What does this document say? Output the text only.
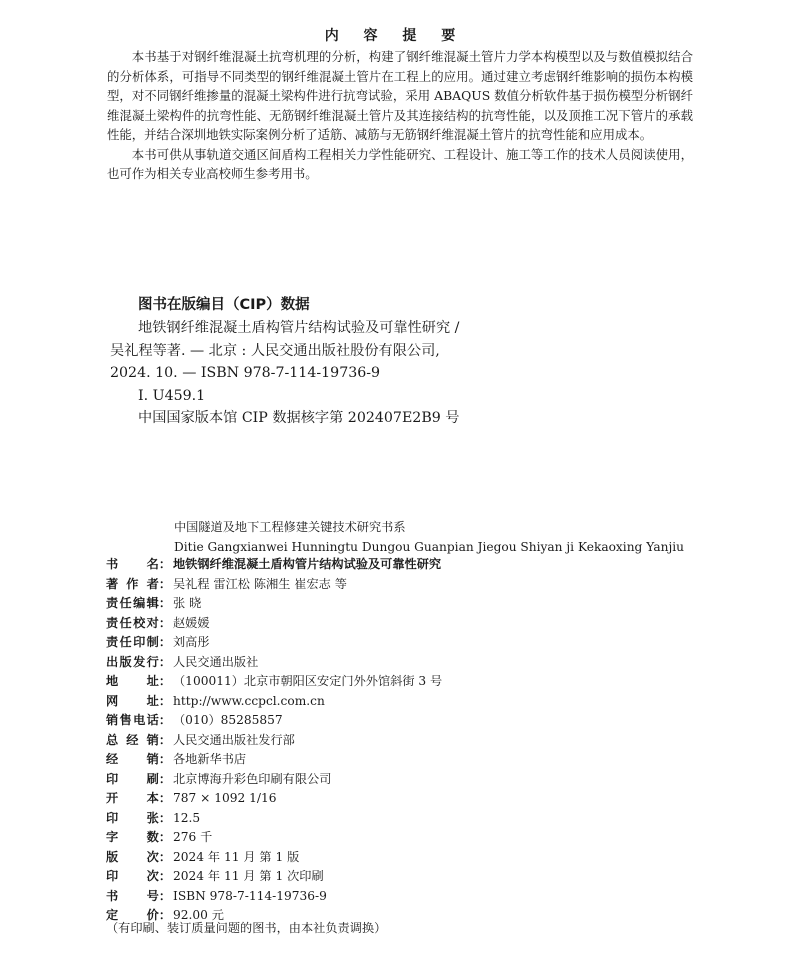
内 容 提 要

本书基于对钢纤维混凝土抗弯机理的分析，构建了钢纤维混凝土管片力学本构模型以及与数值模拟结合的分析体系，可指导不同类型的钢纤维混凝土管片在工程上的应用。通过建立考虑钢纤维影响的损伤本构模型，对不同钢纤维掺量的混凝土梁构件进行抗弯试验，采用 ABAQUS 数值分析软件基于损伤模型分析钢纤维混凝土梁构件的抗弯性能、无筋钢纤维混凝土管片及其连接结构的抗弯性能，以及顶推工况下管片的承载性能，并结合深圳地铁实际案例分析了适筋、减筋与无筋钢纤维混凝土管片的抗弯性能和应用成本。

本书可供从事轨道交通区间盾构工程相关力学性能研究、工程设计、施工等工作的技术人员阅读使用，也可作为相关专业高校师生参考用书。

图书在版编目（CIP）数据
地铁钢纤维混凝土盾构管片结构试验及可靠性研究 /
吴礼程等著. — 北京 : 人民交通出版社股份有限公司,
2024. 10. — ISBN 978-7-114-19736-9
Ⅰ. U459.1
中国国家版本馆 CIP 数据核字第 202407E2B9 号
中国隧道及地下工程修建关键技术研究书系
Ditie Gangxianwei Hunningtu Dungou Guanpian Jiegou Shiyan ji Kekaoxing Yanjiu
书名 ： 地铁钢纤维混凝土盾构管片结构试验及可靠性研究
著作者 ： 吴礼程 雷江松 陈湘生 崔宏志 等
责任编辑 ： 张 晓
责任校对 ： 赵媛媛
责任印制 ： 刘高彤
出版发行 ： 人民交通出版社
地址 ： （100011）北京市朝阳区安定门外外馆斜街 3 号
网址 ： http://www.ccpcl.com.cn
销售电话 ： （010）85285857
总经销 ： 人民交通出版社发行部
经销 ： 各地新华书店
印刷 ： 北京博海升彩色印刷有限公司
开本 ： 787 × 1092 1/16
印张 ： 12.5
字数 ： 276 千
版次 ： 2024 年 11 月 第 1 版
印次 ： 2024 年 11 月 第 1 次印刷
书号 ： ISBN 978-7-114-19736-9
定价 ： 92.00 元
（有印刷、装订质量问题的图书，由本社负责调换）
